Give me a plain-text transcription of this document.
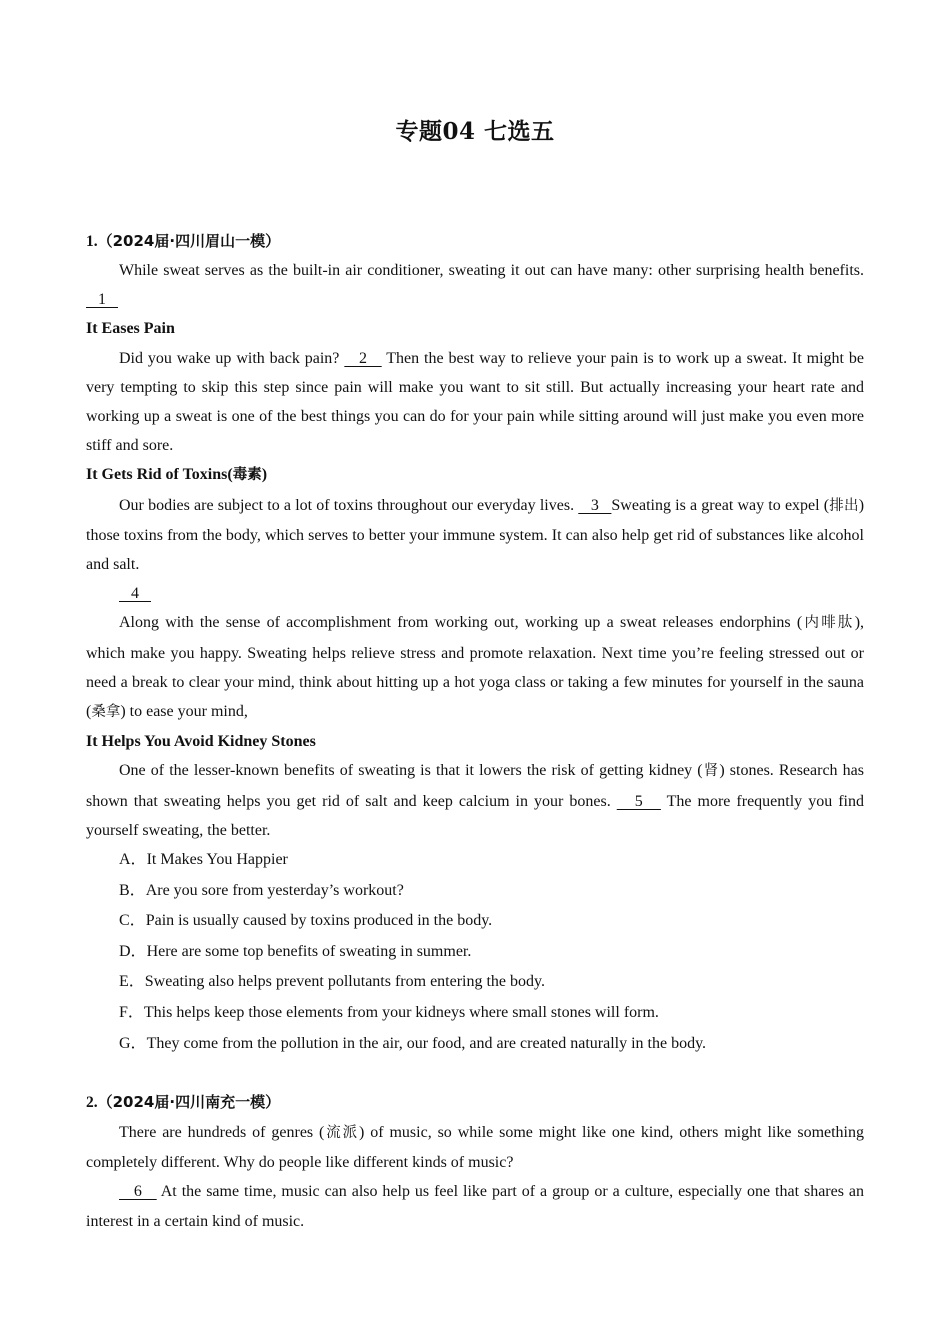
专题04 七选五
1.（2024届·四川眉山一模）

While sweat serves as the built-in air conditioner, sweating it out can have many: other surprising health benefits.    1

It Eases Pain

Did you wake up with back pain?    2    Then the best way to relieve your pain is to work up a sweat. It might be very tempting to skip this step since pain will make you want to sit still. But actually increasing your heart rate and working up a sweat is one of the best things you can do for your pain while sitting around will just make you even more stiff and sore.

It Gets Rid of Toxins(毒素)

Our bodies are subject to a lot of toxins throughout our everyday lives.    3   Sweating is a great way to expel (排出) those toxins from the body, which serves to better your immune system. It can also help get rid of substances like alcohol and salt.

4

Along with the sense of accomplishment from working out, working up a sweat releases endorphins (内啡肽), which make you happy. Sweating helps relieve stress and promote relaxation. Next time you’re feeling stressed out or need a break to clear your mind, think about hitting up a hot yoga class or taking a few minutes for yourself in the sauna (桑拿) to ease your mind,

It Helps You Avoid Kidney Stones

One of the lesser-known benefits of sweating is that it lowers the risk of getting kidney (肾) stones. Research has shown that sweating helps you get rid of salt and keep calcium in your bones.    5    The more frequently you find yourself sweating, the better.

A．It Makes You Happier
B．Are you sore from yesterday’s workout?
C．Pain is usually caused by toxins produced in the body.
D．Here are some top benefits of sweating in summer.
E．Sweating also helps prevent pollutants from entering the body.
F．This helps keep those elements from your kidneys where small stones will form.
G．They come from the pollution in the air, our food, and are created naturally in the body.
2.（2024届·四川南充一模）

There are hundreds of genres (流派) of music, so while some might like one kind, others might like something completely different. Why do people like different kinds of music?

6    At the same time, music can also help us feel like part of a group or a culture, especially one that shares an interest in a certain kind of music.
